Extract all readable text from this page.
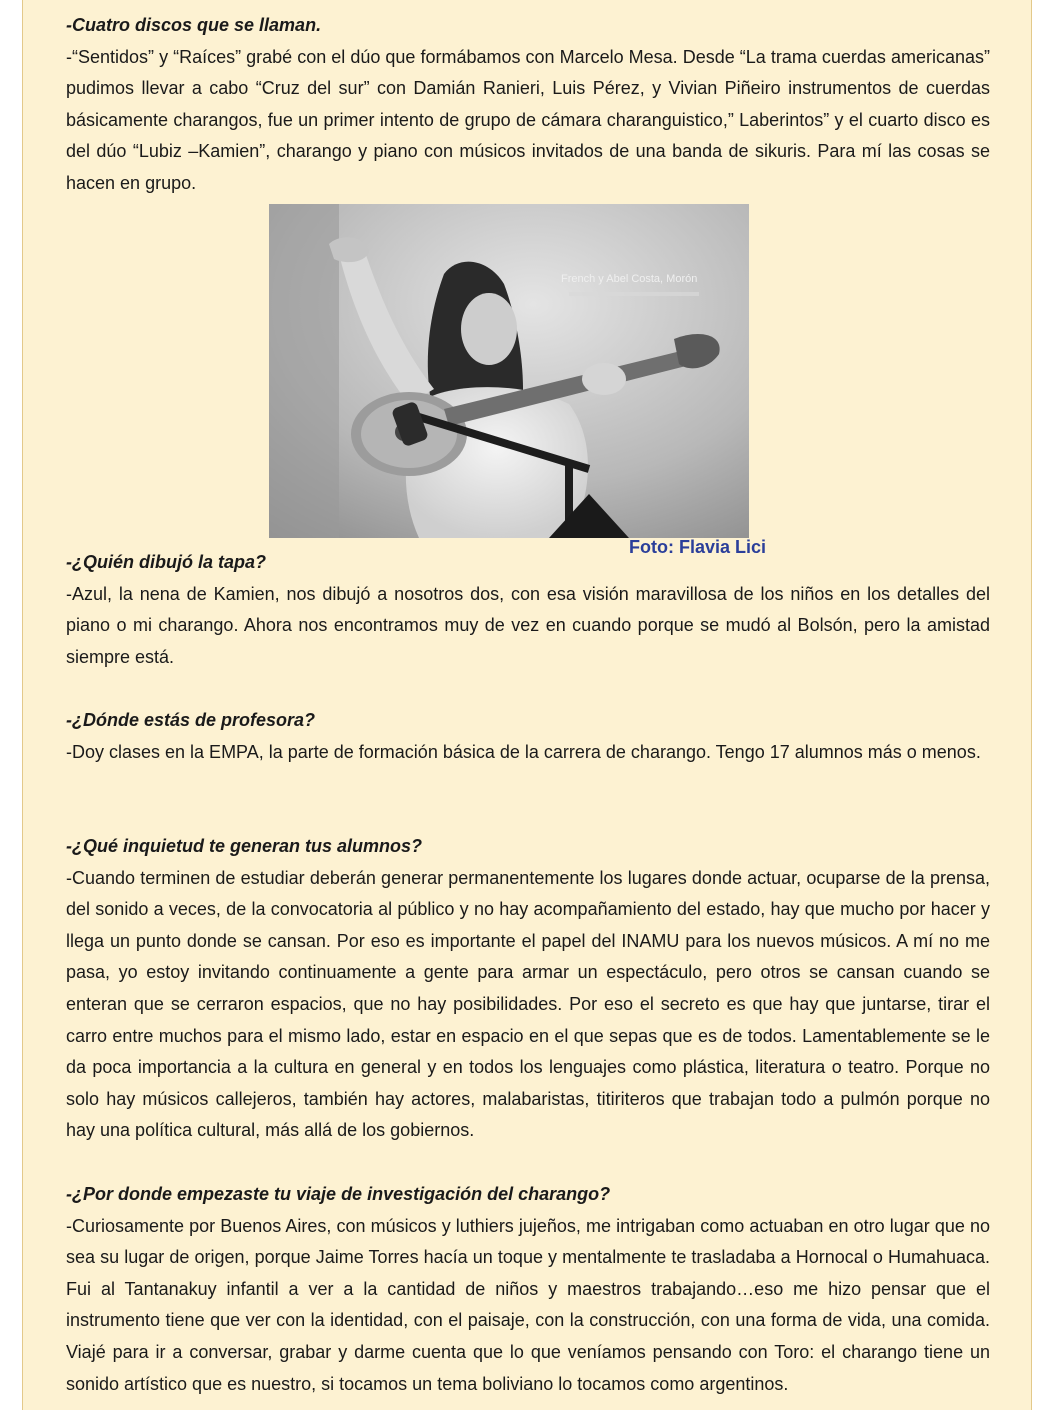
-Cuatro discos que se llaman.

-“Sentidos” y “Raíces” grabé con el dúo que formábamos con Marcelo Mesa. Desde “La trama cuerdas americanas” pudimos llevar a cabo “Cruz del sur” con Damián Ranieri, Luis Pérez, y Vivian Piñeiro instrumentos de cuerdas básicamente charangos, fue un primer intento de grupo de cámara charanguistico,” Laberintos” y el cuarto disco es del dúo “Lubiz –Kamien”, charango y piano con músicos invitados de una banda de sikuris. Para mí las cosas se hacen en grupo.

French y Abel Costa, Morón
Foto: Flavia Lici

-¿Quién dibujó la tapa?

-Azul, la nena de Kamien, nos dibujó a nosotros dos, con esa visión maravillosa de los niños en los detalles del piano o mi charango. Ahora nos encontramos muy de vez en cuando porque se mudó al Bolsón, pero la amistad siempre está.

-¿Dónde estás de profesora?

-Doy clases en la EMPA, la parte de formación básica de la carrera de charango. Tengo 17 alumnos más o menos.

-¿Qué inquietud te generan tus alumnos?

-Cuando terminen de estudiar deberán generar permanentemente los lugares donde actuar, ocuparse de la prensa, del sonido a veces, de la convocatoria al público y no hay acompañamiento del estado, hay que mucho por hacer y llega un punto donde se cansan. Por eso es importante el papel del INAMU para los nuevos músicos. A mí no me pasa, yo estoy invitando continuamente a gente para armar un espectáculo, pero otros se cansan cuando se enteran que se cerraron espacios, que no hay posibilidades. Por eso el secreto es que hay que juntarse, tirar el carro entre muchos para el mismo lado, estar en espacio en el que sepas que es de todos. Lamentablemente se le da poca importancia a la cultura en general y en todos los lenguajes como plástica, literatura o teatro. Porque no solo hay músicos callejeros, también hay actores, malabaristas, titiriteros que trabajan todo a pulmón porque no hay una política cultural, más allá de los gobiernos.

-¿Por donde empezaste tu viaje de investigación del charango?

-Curiosamente por Buenos Aires, con músicos y luthiers jujeños, me intrigaban como actuaban en otro lugar que no sea su lugar de origen, porque Jaime Torres hacía un toque y mentalmente te trasladaba a Hornocal o Humahuaca. Fui al Tantanakuy infantil a ver a la cantidad de niños y maestros trabajando…eso me hizo pensar que el instrumento tiene que ver con la identidad, con el paisaje, con la construcción, con una forma de vida, una comida. Viajé para ir a conversar, grabar y darme cuenta que lo que veníamos pensando con Toro: el charango tiene un sonido artístico que es nuestro, si tocamos un tema boliviano lo tocamos como argentinos.
